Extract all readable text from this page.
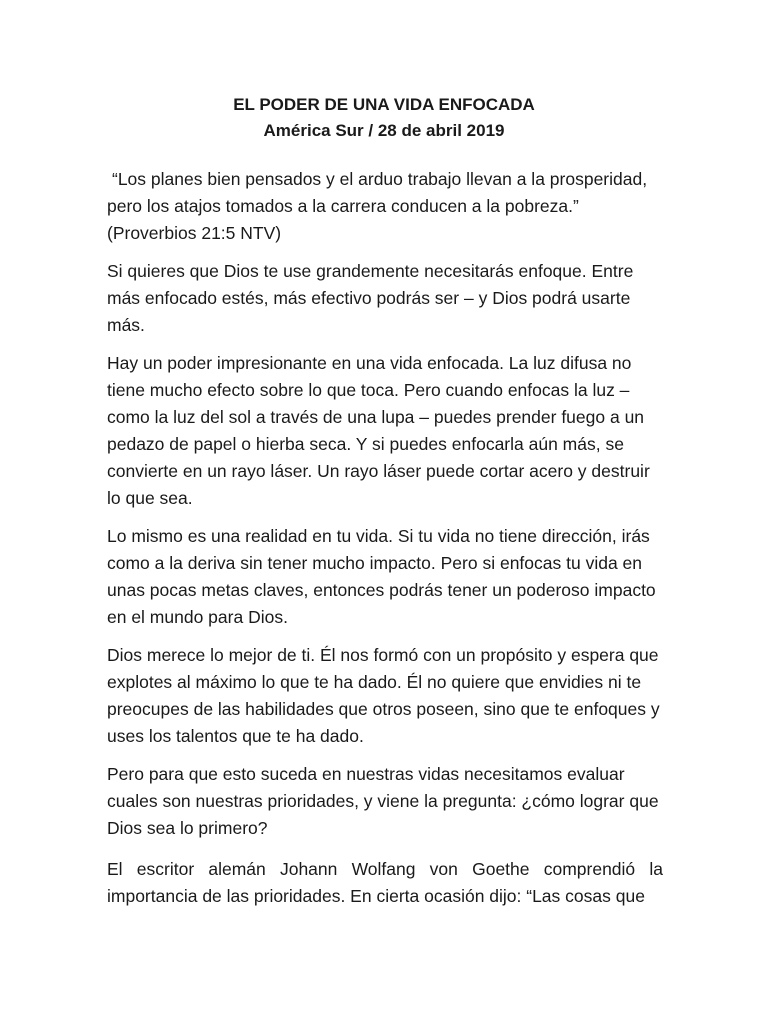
EL PODER DE UNA VIDA ENFOCADA
América Sur / 28 de abril 2019

“Los planes bien pensados y el arduo trabajo llevan a la prosperidad, pero los atajos tomados a la carrera conducen a la pobreza.” (Proverbios 21:5 NTV)

Si quieres que Dios te use grandemente necesitarás enfoque. Entre más enfocado estés, más efectivo podrás ser – y Dios podrá usarte más.

Hay un poder impresionante en una vida enfocada. La luz difusa no tiene mucho efecto sobre lo que toca. Pero cuando enfocas la luz – como la luz del sol a través de una lupa – puedes prender fuego a un pedazo de papel o hierba seca. Y si puedes enfocarla aún más, se convierte en un rayo láser. Un rayo láser puede cortar acero y destruir lo que sea.

Lo mismo es una realidad en tu vida. Si tu vida no tiene dirección, irás como a la deriva sin tener mucho impacto. Pero si enfocas tu vida en unas pocas metas claves, entonces podrás tener un poderoso impacto en el mundo para Dios.

Dios merece lo mejor de ti. Él nos formó con un propósito y espera que explotes al máximo lo que te ha dado. Él no quiere que envidies ni te preocupes de las habilidades que otros poseen, sino que te enfoques y uses los talentos que te ha dado.

Pero para que esto suceda en nuestras vidas necesitamos evaluar cuales son nuestras prioridades, y viene la pregunta: ¿cómo lograr que Dios sea lo primero?

El escritor alemán Johann Wolfang von Goethe comprendió la importancia de las prioridades. En cierta ocasión dijo: “Las cosas que
